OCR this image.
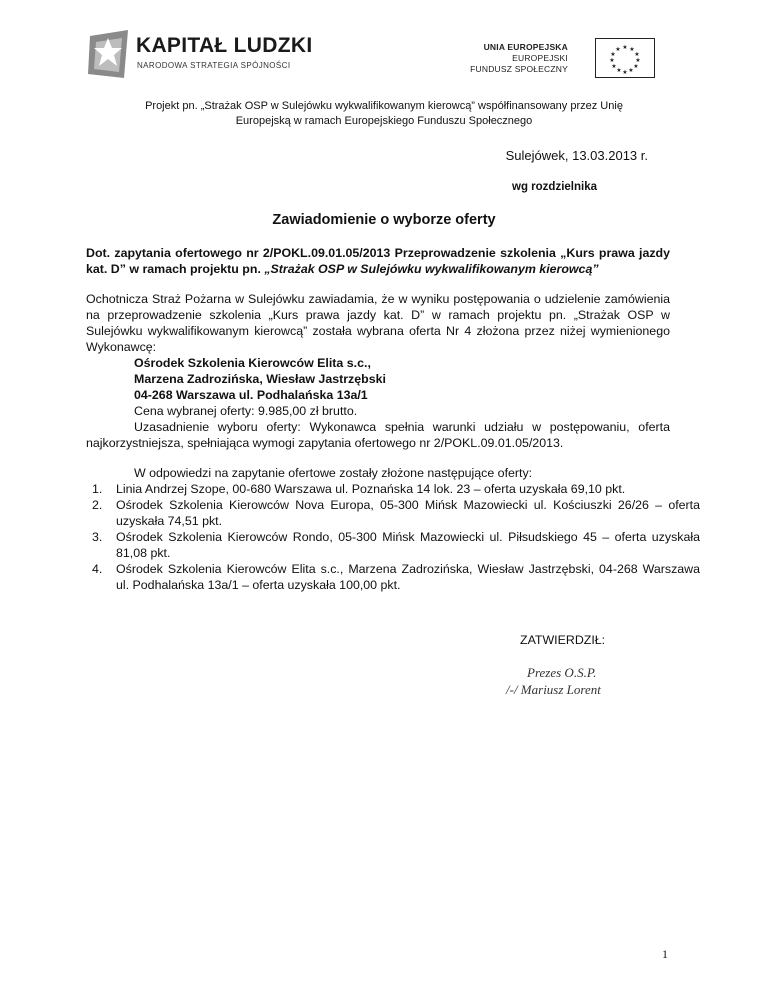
KAPITAŁ LUDZKI
NARODOWA STRATEGIA SPÓJNOŚCI
UNIA EUROPEJSKA
EUROPEJSKI
FUNDUSZ SPOŁECZNY
★ ★
★
★
★
★
★
★
★
★
★
★
Projekt pn. „Strażak OSP w Sulejówku wykwalifikowanym kierowcą” współfinansowany przez Unię
Europejską w ramach Europejskiego Funduszu Społecznego
Sulejówek, 13.03.2013 r.
wg rozdzielnika
Zawiadomienie o wyborze oferty
Dot. zapytania ofertowego nr 2/POKL.09.01.05/2013 Przeprowadzenie szkolenia „Kurs prawa jazdy kat. D” w ramach projektu pn. „Strażak OSP w Sulejówku wykwalifikowanym kierowcą”
Ochotnicza Straż Pożarna w Sulejówku zawiadamia, że w wyniku postępowania o udzielenie zamówienia na przeprowadzenie szkolenia „Kurs prawa jazdy kat. D” w ramach projektu pn. „Strażak OSP w Sulejówku wykwalifikowanym kierowcą” została wybrana oferta Nr 4 złożona przez niżej wymienionego Wykonawcę:
Ośrodek Szkolenia Kierowców Elita s.c.,
Marzena Zadrozińska, Wiesław Jastrzębski
04-268 Warszawa ul. Podhalańska 13a/1
Cena wybranej oferty: 9.985,00 zł brutto.
Uzasadnienie wyboru oferty: Wykonawca spełnia warunki udziału w postępowaniu, oferta najkorzystniejsza, spełniająca wymogi zapytania ofertowego nr 2/POKL.09.01.05/2013.
W odpowiedzi na zapytanie ofertowe zostały złożone następujące oferty:
1. Linia Andrzej Szope, 00-680 Warszawa ul. Poznańska 14 lok. 23 – oferta uzyskała 69,10 pkt.
2. Ośrodek Szkolenia Kierowców Nova Europa, 05-300 Mińsk Mazowiecki ul. Kościuszki 26/26 – oferta uzyskała 74,51 pkt.
3. Ośrodek Szkolenia Kierowców Rondo, 05-300 Mińsk Mazowiecki ul. Piłsudskiego 45 – oferta uzyskała 81,08 pkt.
4. Ośrodek Szkolenia Kierowców Elita s.c., Marzena Zadrozińska, Wiesław Jastrzębski, 04-268 Warszawa ul. Podhalańska 13a/1 – oferta uzyskała 100,00 pkt.
ZATWIERDZIŁ:
Prezes O.S.P.
/-/ Mariusz Lorent
1
